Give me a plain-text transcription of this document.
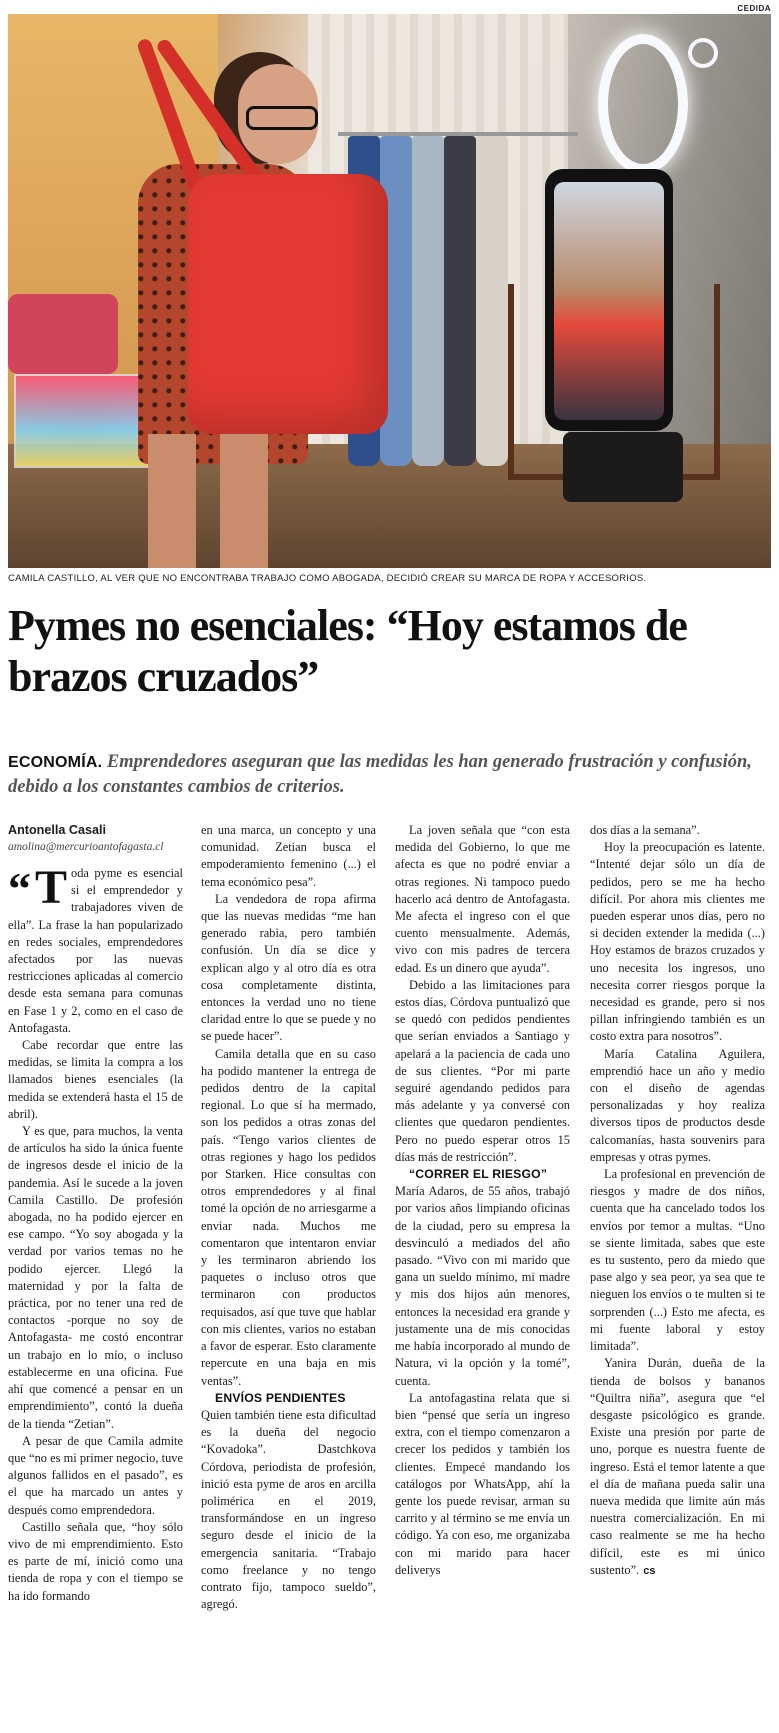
CEDIDA
CAMILA CASTILLO, AL VER QUE NO ENCONTRABA TRABAJO COMO ABOGADA, DECIDIÓ CREAR SU MARCA DE ROPA Y ACCESORIOS.
Pymes no esenciales: “Hoy estamos de brazos cruzados”

ECONOMÍA. Emprendedores aseguran que las medidas les han generado frustración y confusión, debido a los constantes cambios de criterios.

Antonella Casali
amolina@mercurioantofagasta.cl

“ T oda pyme es esencial si el emprendedor y trabajadores viven de ella”. La frase la han popularizado en redes sociales, emprendedores afectados por las nuevas restricciones aplicadas al comercio desde esta semana para comunas en Fase 1 y 2, como en el caso de Antofagasta.

Cabe recordar que entre las medidas, se limita la compra a los llamados bienes esenciales (la medida se extenderá hasta el 15 de abril).

Y es que, para muchos, la venta de artículos ha sido la única fuente de ingresos desde el inicio de la pandemia. Así le sucede a la joven Camila Castillo. De profesión abogada, no ha podido ejercer en ese campo. “Yo soy abogada y la verdad por varios temas no he podido ejercer. Llegó la maternidad y por la falta de práctica, por no tener una red de contactos -porque no soy de Antofagasta- me costó encontrar un trabajo en lo mío, o incluso establecerme en una oficina. Fue ahí que comencé a pensar en un emprendimiento”, contó la dueña de la tienda “Zetian”.

A pesar de que Camila admite que “no es mi primer negocio, tuve algunos fallidos en el pasado”, es el que ha marcado un antes y después como emprendedora.

Castillo señala que, “hoy sólo vivo de mi emprendimiento. Esto es parte de mí, inició como una tienda de ropa y con el tiempo se ha ido formando

en una marca, un concepto y una comunidad. Zetian busca el empoderamiento femenino (...) el tema económico pesa”.

La vendedora de ropa afirma que las nuevas medidas “me han generado rabia, pero también confusión. Un día se dice y explican algo y al otro día es otra cosa completamente distinta, entonces la verdad uno no tiene claridad entre lo que se puede y no se puede hacer”.

Camila detalla que en su caso ha podido mantener la entrega de pedidos dentro de la capital regional. Lo que sí ha mermado, son los pedidos a otras zonas del país. “Tengo varios clientes de otras regiones y hago los pedidos por Starken. Hice consultas con otros emprendedores y al final tomé la opción de no arriesgarme a enviar nada. Muchos me comentaron que intentaron enviar y les terminaron abriendo los paquetes o incluso otros que terminaron con productos requisados, así que tuve que hablar con mis clientes, varios no estaban a favor de esperar. Esto claramente repercute en una baja en mis ventas”.

ENVÍOS PENDIENTES

Quien también tiene esta dificultad es la dueña del negocio “Kovadoka”. Dastchkova Córdova, periodista de profesión, inició esta pyme de aros en arcilla polimérica en el 2019, transformándose en un ingreso seguro desde el inicio de la emergencia sanitaria. “Trabajo como freelance y no tengo contrato fijo, tampoco sueldo”, agregó.

La joven señala que “con esta medida del Gobierno, lo que me afecta es que no podré enviar a otras regiones. Ni tampoco puedo hacerlo acá dentro de Antofagasta. Me afecta el ingreso con el que cuento mensualmente. Además, vivo con mis padres de tercera edad. Es un dinero que ayuda”.

Debido a las limitaciones para estos días, Córdova puntualizó que se quedó con pedidos pendientes que serían enviados a Santiago y apelará a la paciencia de cada uno de sus clientes. “Por mi parte seguiré agendando pedidos para más adelante y ya conversé con clientes que quedaron pendientes. Pero no puedo esperar otros 15 días más de restricción”.

“CORRER EL RIESGO”

María Adaros, de 55 años, trabajó por varios años limpiando oficinas de la ciudad, pero su empresa la desvinculó a mediados del año pasado. “Vivo con mi marido que gana un sueldo mínimo, mi madre y mis dos hijos aún menores, entonces la necesidad era grande y justamente una de mis conocidas me había incorporado al mundo de Natura, vi la opción y la tomé”, cuenta.

La antofagastina relata que si bien “pensé que sería un ingreso extra, con el tiempo comenzaron a crecer los pedidos y también los clientes. Empecé mandando los catálogos por WhatsApp, ahí la gente los puede revisar, arman su carrito y al término se me envía un código. Ya con eso, me organizaba con mi marido para hacer deliverys

dos días a la semana”.

Hoy la preocupación es latente. “Intenté dejar sólo un día de pedidos, pero se me ha hecho difícil. Por ahora mis clientes me pueden esperar unos días, pero no si deciden extender la medida (...) Hoy estamos de brazos cruzados y uno necesita los ingresos, uno necesita correr riesgos porque la necesidad es grande, pero si nos pillan infringiendo también es un costo extra para nosotros”.

María Catalina Aguilera, emprendió hace un año y medio con el diseño de agendas personalizadas y hoy realiza diversos tipos de productos desde calcomanías, hasta souvenirs para empresas y otras pymes.

La profesional en prevención de riesgos y madre de dos niños, cuenta que ha cancelado todos los envíos por temor a multas. “Uno se siente limitada, sabes que este es tu sustento, pero da miedo que pase algo y sea peor, ya sea que te nieguen los envíos o te multen si te sorprenden (...) Esto me afecta, es mi fuente laboral y estoy limitada”.

Yanira Durán, dueña de la tienda de bolsos y bananos “Quiltra niña”, asegura que “el desgaste psicológico es grande. Existe una presión por parte de uno, porque es nuestra fuente de ingreso. Está el temor latente a que el día de mañana pueda salir una nueva medida que limite aún más nuestra comercialización. En mi caso realmente se me ha hecho difícil, este es mi único sustento”. cs
